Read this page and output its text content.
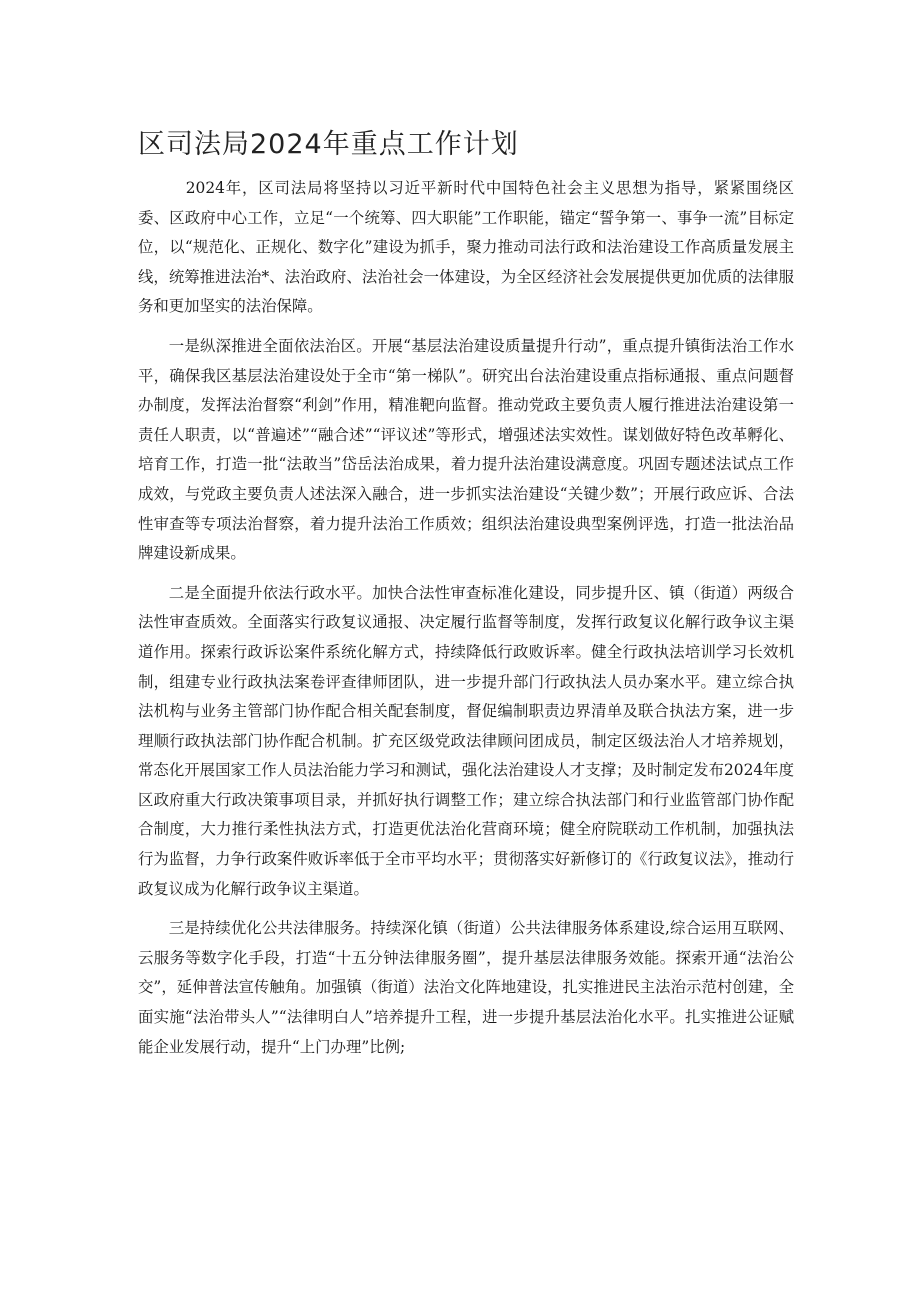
区司法局2024年重点工作计划

2024年，区司法局将坚持以习近平新时代中国特色社会主义思想为指导，紧紧围绕区委、区政府中心工作，立足“一个统筹、四大职能”工作职能，锚定“誓争第一、事争一流”目标定位，以“规范化、正规化、数字化”建设为抓手，聚力推动司法行政和法治建设工作高质量发展主线，统筹推进法治*、法治政府、法治社会一体建设，为全区经济社会发展提供更加优质的法律服务和更加坚实的法治保障。

一是纵深推进全面依法治区。开展“基层法治建设质量提升行动”，重点提升镇街法治工作水平，确保我区基层法治建设处于全市“第一梯队”。研究出台法治建设重点指标通报、重点问题督办制度，发挥法治督察“利剑”作用，精准靶向监督。推动党政主要负责人履行推进法治建设第一责任人职责，以“普遍述”“融合述”“评议述”等形式，增强述法实效性。谋划做好特色改革孵化、培育工作，打造一批“法敢当”岱岳法治成果，着力提升法治建设满意度。巩固专题述法试点工作成效，与党政主要负责人述法深入融合，进一步抓实法治建设“关键少数”；开展行政应诉、合法性审查等专项法治督察，着力提升法治工作质效；组织法治建设典型案例评选，打造一批法治品牌建设新成果。

二是全面提升依法行政水平。加快合法性审查标准化建设，同步提升区、镇（街道）两级合法性审查质效。全面落实行政复议通报、决定履行监督等制度，发挥行政复议化解行政争议主渠道作用。探索行政诉讼案件系统化解方式，持续降低行政败诉率。健全行政执法培训学习长效机制，组建专业行政执法案卷评查律师团队，进一步提升部门行政执法人员办案水平。建立综合执法机构与业务主管部门协作配合相关配套制度，督促编制职责边界清单及联合执法方案，进一步理顺行政执法部门协作配合机制。扩充区级党政法律顾问团成员，制定区级法治人才培养规划，常态化开展国家工作人员法治能力学习和测试，强化法治建设人才支撑；及时制定发布2024年度区政府重大行政决策事项目录，并抓好执行调整工作；建立综合执法部门和行业监管部门协作配合制度，大力推行柔性执法方式，打造更优法治化营商环境；健全府院联动工作机制，加强执法行为监督，力争行政案件败诉率低于全市平均水平；贯彻落实好新修订的《行政复议法》，推动行政复议成为化解行政争议主渠道。

三是持续优化公共法律服务。持续深化镇（街道）公共法律服务体系建设,综合运用互联网、云服务等数字化手段，打造“十五分钟法律服务圈”，提升基层法律服务效能。探索开通“法治公交”，延伸普法宣传触角。加强镇（街道）法治文化阵地建设，扎实推进民主法治示范村创建，全面实施“法治带头人”“法律明白人”培养提升工程，进一步提升基层法治化水平。扎实推进公证赋能企业发展行动，提升“上门办理”比例;
